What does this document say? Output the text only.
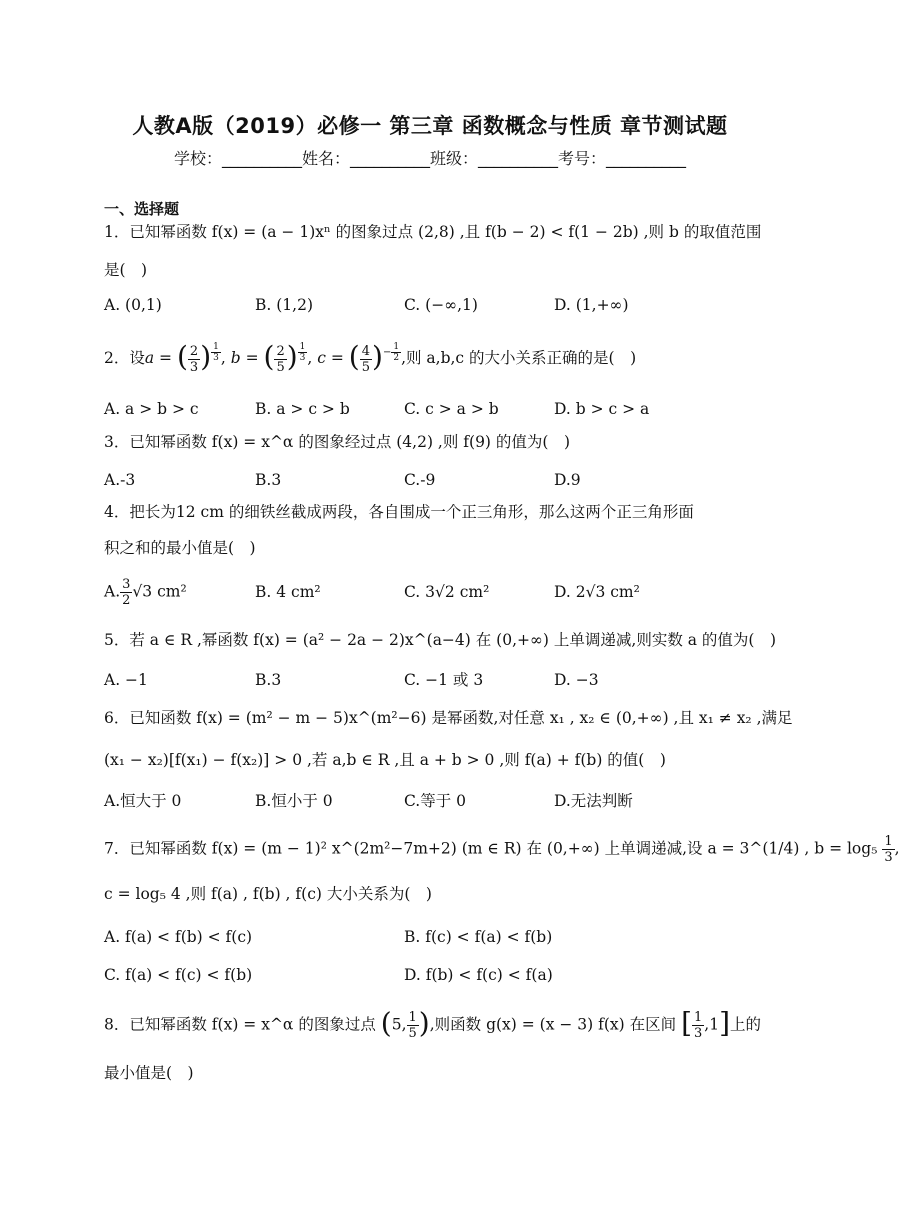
人教A版（2019）必修一 第三章 函数概念与性质 章节测试题
学校：__________姓名：__________班级：__________考号：__________
一、选择题
1．已知幂函数 f(x) = (a − 1)xⁿ 的图象过点 (2,8) ,且 f(b − 2) < f(1 − 2b) ,则 b 的取值范围
是(　)
A. (0,1)	B. (1,2)	C. (−∞,1)	D. (1,+∞)
2．设a = ( $\frac{2}{3}$ ) $^{\frac{1}{3}}$ , b = ( $\frac{2}{5}$ ) $^{\frac{1}{3}}$ , c = ( $\frac{4}{5} )^{- \frac{1}{2}}$ ,则 a,b,c 的大小关系正确的是(　)
A. a > b > c	B. a > c > b	C. c > a > b	D. b > c > a
3．已知幂函数 f(x) = x^α 的图象经过点 (4,2) ,则 f(9) 的值为(　)
A.-3	B.3	C.-9	D.9
4．把长为12 cm 的细铁丝截成两段，各自围成一个正三角形，那么这两个正三角形面
积之和的最小值是(　)
A. $\frac{3}{2} √3$ cm²	B. 4 cm²	C. 3√2 cm²	D. 2√3 cm²
5．若 a ∈ R ,幂函数 f(x) = (a² − 2a − 2)x^(a−4) 在 (0,+∞) 上单调递减,则实数 a 的值为(　)
A. −1	B.3	C. −1 或 3	D. −3
6．已知函数 f(x) = (m² − m − 5)x^(m²−6) 是幂函数,对任意 x₁ , x₂ ∈ (0,+∞) ,且 x₁ ≠ x₂ ,满足
(x₁ − x₂)[f(x₁) − f(x₂)] > 0 ,若 a,b ∈ R ,且 a + b > 0 ,则 f(a) + f(b) 的值(　)
A.恒大于 0	B.恒小于 0	C.等于 0	D.无法判断
7．已知幂函数 f(x) = (m − 1)² x^(2m²−7m+2) (m ∈ R) 在 (0,+∞) 上单调递减,设 a = 3^(1/4) , $b = \log_5 \frac{1}{3}$ ,
c = log₅ 4 ,则 f(a) , f(b) , f(c) 大小关系为(　)
A. f(a) < f(b) < f(c)	B. f(c) < f(a) < f(b)
C. f(a) < f(c) < f(b)	D. f(b) < f(c) < f(a)
8．已知幂函数 f(x) = x^α 的图象过点 (5, $\frac{1}{5}$ ),则函数 g(x) = (x − 3) f(x) 在区间 [ $\frac{1}{3} ,1$]上的
最小值是(　)
